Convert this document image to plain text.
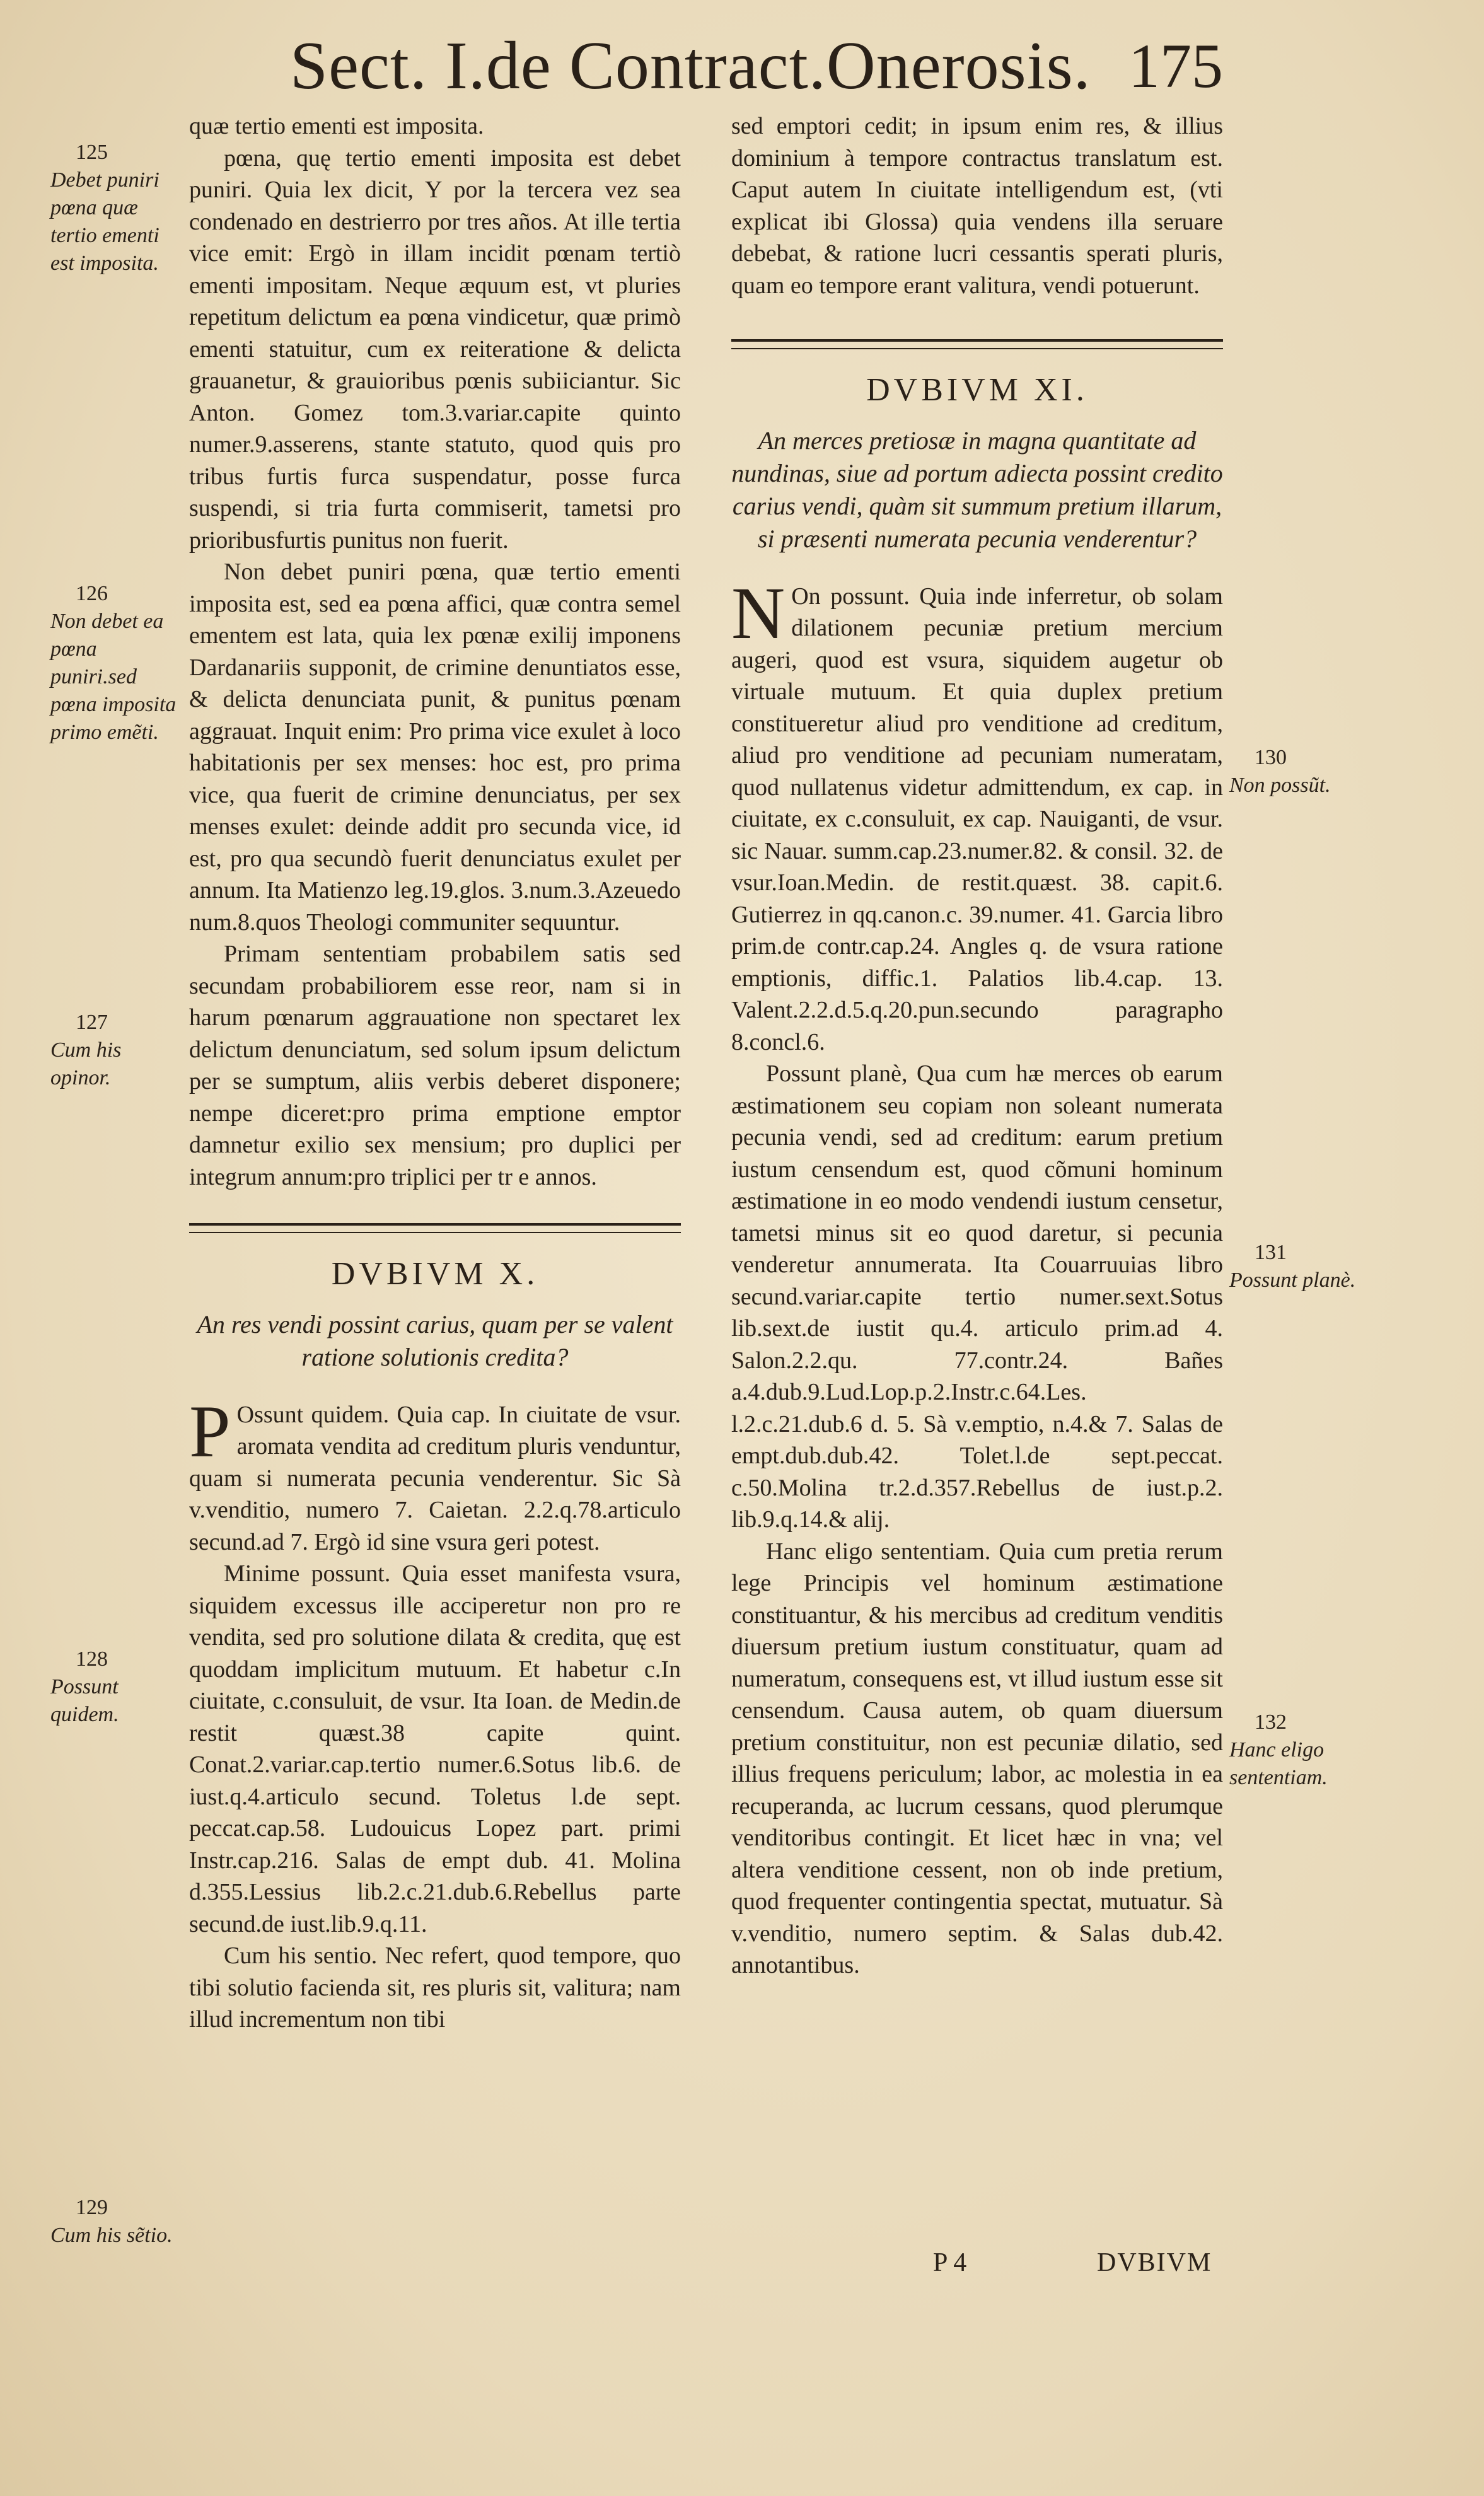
Sect. I.de Contract.Onerosis. 175

quæ tertio ementi est imposita.

pœna, quę tertio ementi imposita est debet puniri. Quia lex dicit, Y por la tercera vez sea condenado en destrierro por tres años. At ille tertia vice emit: Ergò in illam incidit pœnam tertiò ementi impositam. Neque æquum est, vt pluries repetitum delictum ea pœna vindicetur, quæ primò ementi statuitur, cum ex reiteratione & delicta grauanetur, & grauioribus pœnis subiiciantur. Sic Anton. Gomez tom.3.variar.capite quinto numer.9.asserens, stante statuto, quod quis pro tribus furtis furca suspendatur, posse furca suspendi, si tria furta commiserit, tametsi pro prioribusfurtis punitus non fuerit.

Non debet puniri pœna, quæ tertio ementi imposita est, sed ea pœna affici, quæ contra semel ementem est lata, quia lex pœnæ exilij imponens Dardanariis supponit, de crimine denuntiatos esse, & delicta denunciata punit, & punitus pœnam aggrauat. Inquit enim: Pro prima vice exulet à loco habitationis per sex menses: hoc est, pro prima vice, qua fuerit de crimine denunciatus, per sex menses exulet: deinde addit pro secunda vice, id est, pro qua secundò fuerit denunciatus exulet per annum. Ita Matienzo leg.19.glos. 3.num.3.Azeuedo num.8.quos Theologi communiter sequuntur.

Primam sententiam probabilem satis sed secundam probabiliorem esse reor, nam si in harum pœnarum aggrauatione non spectaret lex delictum denunciatum, sed solum ipsum delictum per se sumptum, aliis verbis deberet disponere; nempe diceret:pro prima emptione emptor damnetur exilio sex mensium; pro duplici per integrum annum:pro triplici per tr e annos.

DVBIVM X.
An res vendi possint carius, quam per se valent ratione solutionis credita?

P Ossunt quidem. Quia cap. In ciuitate de vsur. aromata vendita ad creditum pluris venduntur, quam si numerata pecunia venderentur. Sic Sà v.venditio, numero 7. Caietan. 2.2.q.78.articulo secund.ad 7. Ergò id sine vsura geri potest.

Minime possunt. Quia esset manifesta vsura, siquidem excessus ille acciperetur non pro re vendita, sed pro solutione dilata & credita, quę est quoddam implicitum mutuum. Et habetur c.In ciuitate, c.consuluit, de vsur. Ita Ioan. de Medin.de restit quæst.38 capite quint. Conat.2.variar.cap.tertio numer.6.Sotus lib.6. de iust.q.4.articulo secund. Toletus l.de sept. peccat.cap.58. Ludouicus Lopez part. primi Instr.cap.216. Salas de empt dub. 41. Molina d.355.Lessius lib.2.c.21.dub.6.Rebellus parte secund.de iust.lib.9.q.11.

Cum his sentio. Nec refert, quod tempore, quo tibi solutio facienda sit, res pluris sit, valitura; nam illud incrementum non tibi

sed emptori cedit; in ipsum enim res, & illius dominium à tempore contractus translatum est. Caput autem In ciuitate intelligendum est, (vti explicat ibi Glossa) quia vendens illa seruare debebat, & ratione lucri cessantis sperati pluris, quam eo tempore erant valitura, vendi potuerunt.

DVBIVM XI.
An merces pretiosæ in magna quantitate ad nundinas, siue ad portum adiecta possint credito carius vendi, quàm sit summum pretium illarum, si præsenti numerata pecunia venderentur?

N On possunt. Quia inde inferretur, ob solam dilationem pecuniæ pretium mercium augeri, quod est vsura, siquidem augetur ob virtuale mutuum. Et quia duplex pretium constitueretur aliud pro venditione ad creditum, aliud pro venditione ad pecuniam numeratam, quod nullatenus videtur admittendum, ex cap. in ciuitate, ex c.consuluit, ex cap. Nauiganti, de vsur. sic Nauar. summ.cap.23.numer.82. & consil. 32. de vsur.Ioan.Medin. de restit.quæst. 38. capit.6. Gutierrez in qq.canon.c. 39.numer. 41. Garcia libro prim.de contr.cap.24. Angles q. de vsura ratione emptionis, diffic.1. Palatios lib.4.cap. 13. Valent.2.2.d.5.q.20.pun.secundo paragrapho 8.concl.6.

Possunt planè, Qua cum hæ merces ob earum æstimationem seu copiam non soleant numerata pecunia vendi, sed ad creditum: earum pretium iustum censendum est, quod cõmuni hominum æstimatione in eo modo vendendi iustum censetur, tametsi minus sit eo quod daretur, si pecunia venderetur annumerata. Ita Couarruuias libro secund.variar.capite tertio numer.sext.Sotus lib.sext.de iustit qu.4. articulo prim.ad 4. Salon.2.2.qu. 77.contr.24. Bañes a.4.dub.9.Lud.Lop.p.2.Instr.c.64.Les. l.2.c.21.dub.6 d. 5. Sà v.emptio, n.4.& 7. Salas de empt.dub.dub.42. Tolet.l.de sept.peccat. c.50.Molina tr.2.d.357.Rebellus de iust.p.2. lib.9.q.14.& alij.

Hanc eligo sententiam. Quia cum pretia rerum lege Principis vel hominum æstimatione constituantur, & his mercibus ad creditum venditis diuersum pretium iustum constituatur, quam ad numeratum, consequens est, vt illud iustum esse sit censendum. Causa autem, ob quam diuersum pretium constituitur, non est pecuniæ dilatio, sed illius frequens periculum; labor, ac molestia in ea recuperanda, ac lucrum cessans, quod plerumque venditoribus contingit. Et licet hæc in vna; vel altera venditione cessent, non ob inde pretium, quod frequenter contingentia spectat, mutuatur. Sà v.venditio, numero septim. & Salas dub.42. annotantibus.

125
Debet puniri pœna quæ tertio ementi est imposita.
126
Non debet ea pœna puniri.sed pœna imposita primo emẽti.
127
Cum his opinor.
128
Possunt quidem.
129
Cum his sẽtio.
130
Non possũt.
131
Possunt planè.
132
Hanc eligo sententiam.
P 4	DVBIVM
